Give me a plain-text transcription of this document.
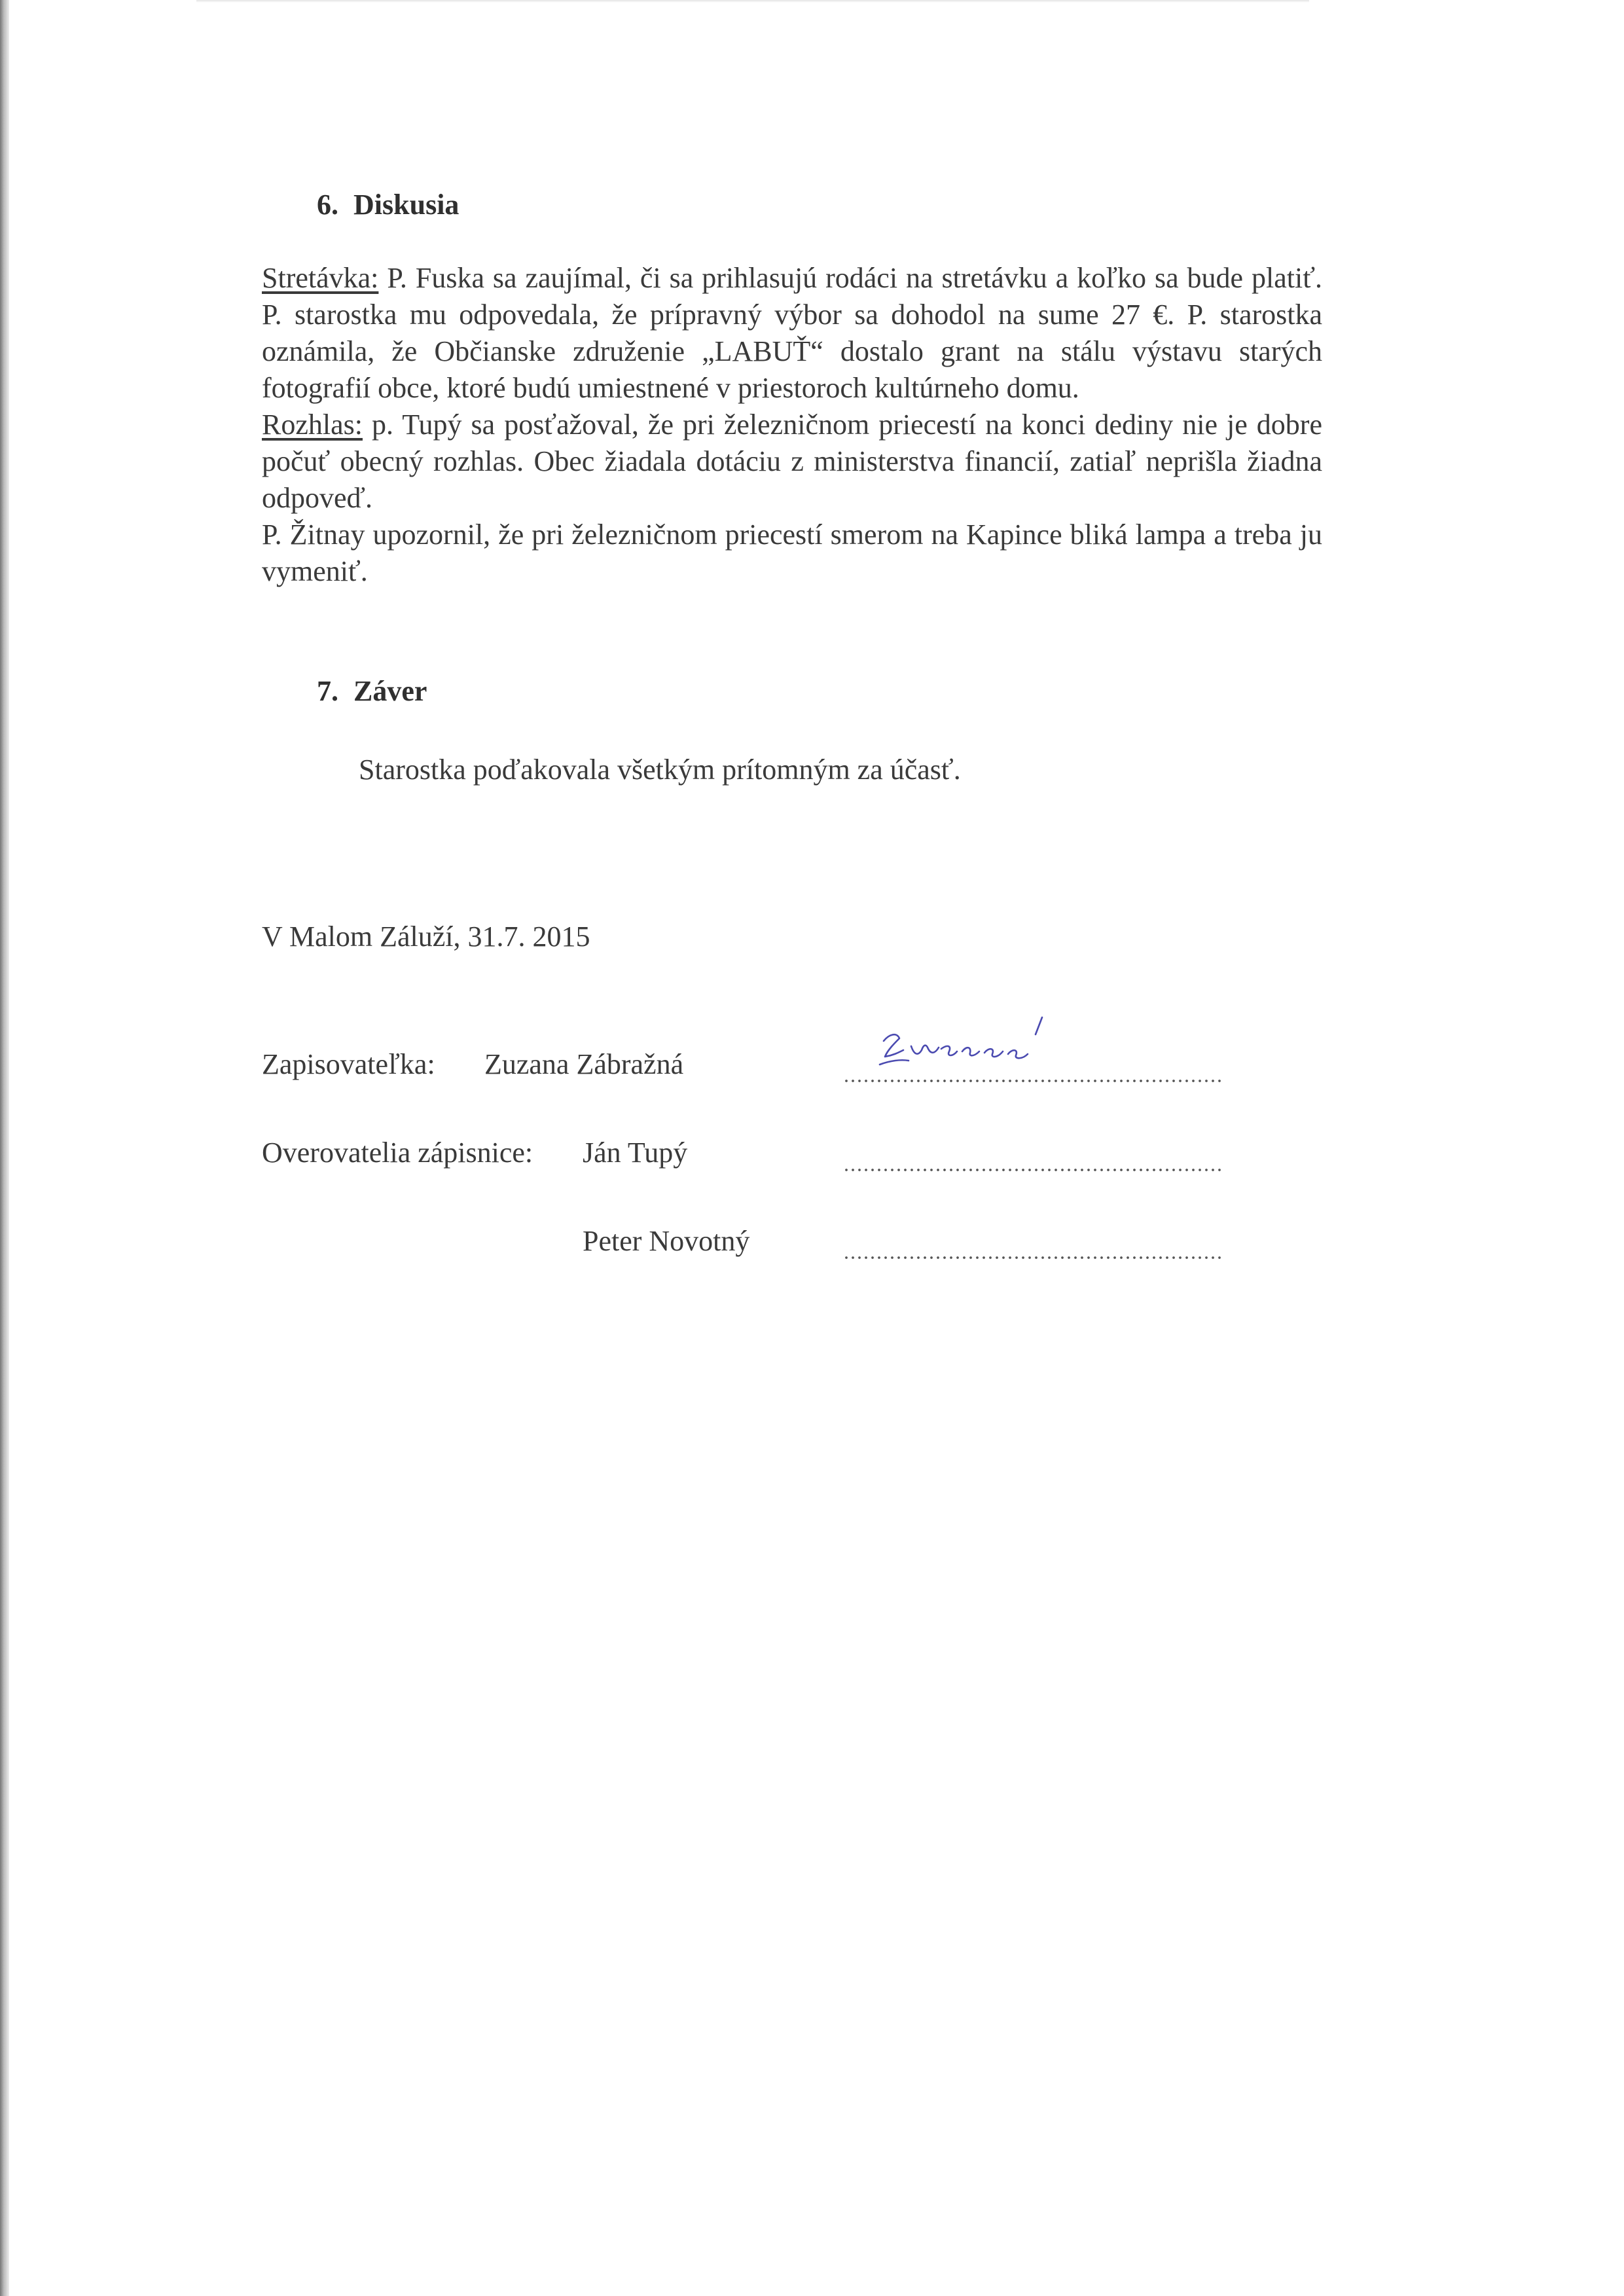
6. Diskusia

Stretávka: P. Fuska sa zaujímal, či sa prihlasujú rodáci na stretávku a koľko sa bude platiť. P. starostka mu odpovedala, že prípravný výbor sa dohodol na sume 27 €. P. starostka oznámila, že Občianske združenie „LABUŤ“ dostalo grant na stálu výstavu starých fotografií obce, ktoré budú umiestnené v priestoroch kultúrneho domu.

Rozhlas: p. Tupý sa posťažoval, že pri železničnom priecestí na konci dediny nie je dobre počuť obecný rozhlas. Obec žiadala dotáciu z ministerstva financií, zatiaľ neprišla žiadna odpoveď.

P. Žitnay upozornil, že pri železničnom priecestí smerom na Kapince bliká lampa a treba ju vymeniť.

7. Záver
Starostka poďakovala všetkým prítomným za účasť.
V Malom Záluží, 31.7. 2015
Zapisovateľka: Zuzana Zábražná
Overovatelia zápisnice: Ján Tupý
Peter Novotný
